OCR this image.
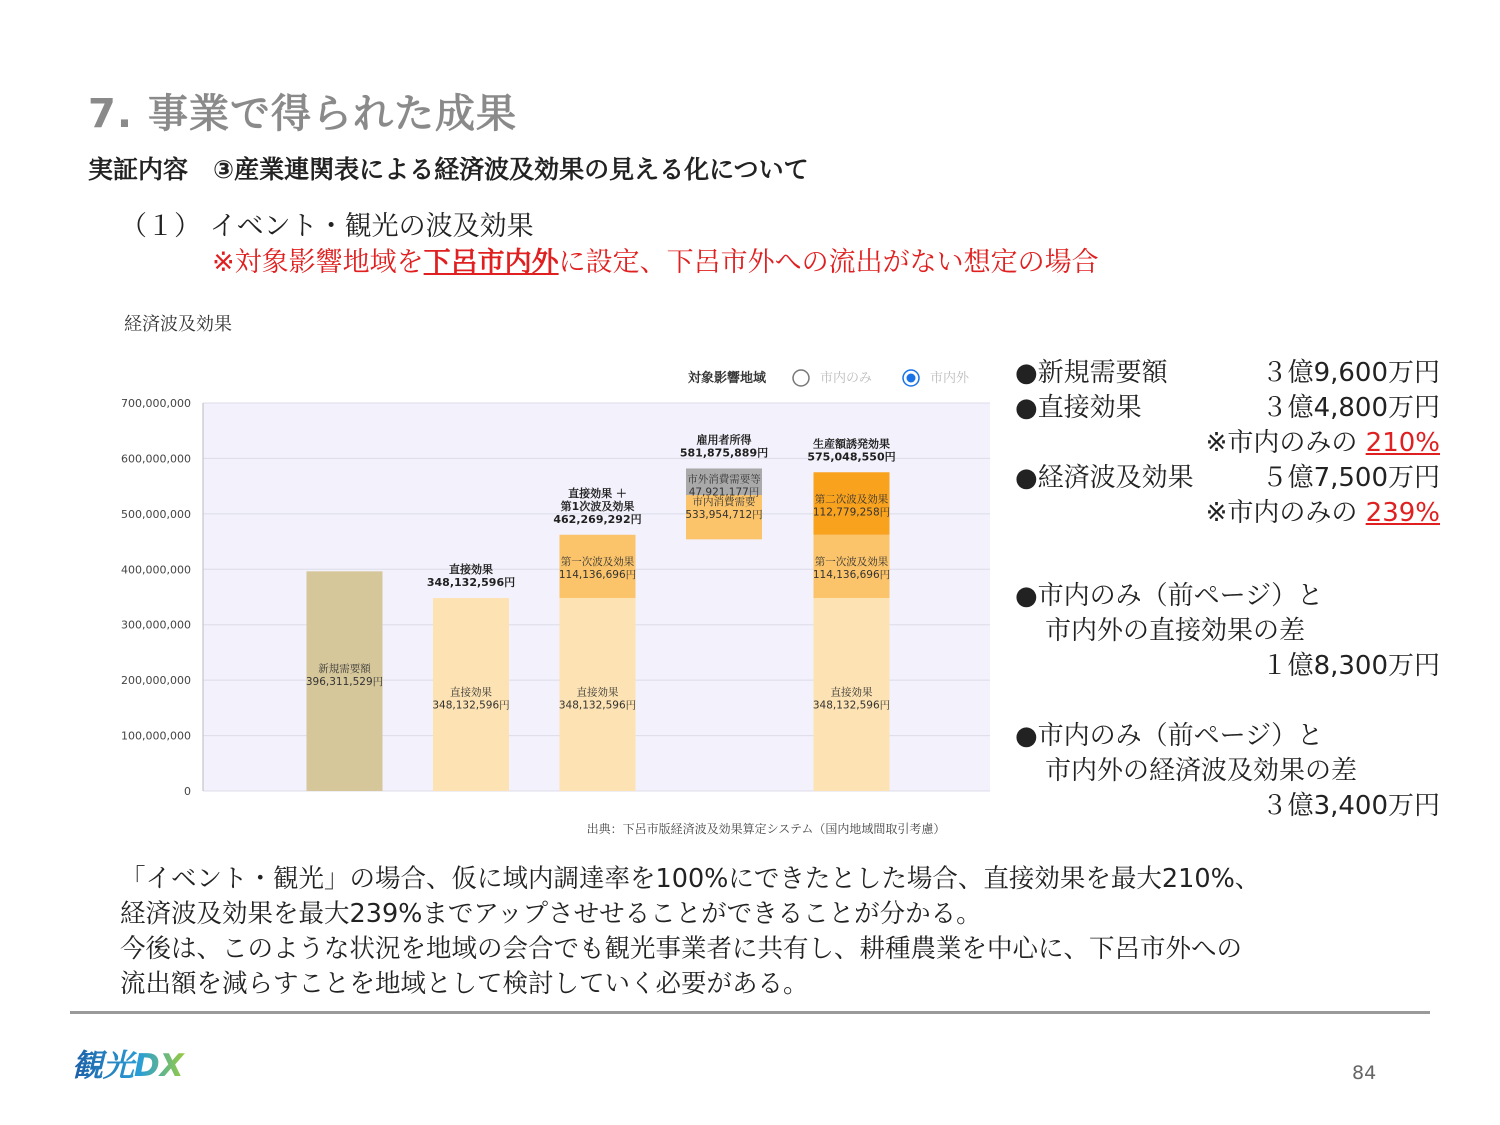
7. 事業で得られた成果
実証内容　③産業連関表による経済波及効果の見える化について
（１） イベント・観光の波及効果
※対象影響地域を下呂市内外に設定、下呂市外への流出がない想定の場合
経済波及効果
0
100,000,000
200,000,000
300,000,000
400,000,000
500,000,000
600,000,000
700,000,000
新規需要額
396,311,529円
直接効果
348,132,596円
直接効果
348,132,596円
直接効果
348,132,596円
第一次波及効果
114,136,696円
直接効果 ＋
第1次波及効果
462,269,292円
市内消費需要
533,954,712円
市外消費需要等
47,921,177円
雇用者所得
581,875,889円
直接効果
348,132,596円
第一次波及効果
114,136,696円
第二次波及効果
112,779,258円
生産額誘発効果
575,048,550円
対象影響地域	市内のみ	市内外
出典：下呂市版経済波及効果算定システム（国内地域間取引考慮）
●新規需要額	３億9,600万円
●直接効果	３億4,800万円
※市内のみの 210%
●経済波及効果	５億7,500万円
※市内のみの 239%
●市内のみ（前ページ）と
市内外の直接効果の差
１億8,300万円
●市内のみ（前ページ）と
市内外の経済波及効果の差
３億3,400万円
「イベント・観光」の場合、仮に域内調達率を100%にできたとした場合、直接効果を最大210%、
経済波及効果を最大239%までアップさせせることができることが分かる。
今後は、このような状況を地域の会合でも観光事業者に共有し、耕種農業を中心に、下呂市外への
流出額を減らすことを地域として検討していく必要がある。
観光DX	84
